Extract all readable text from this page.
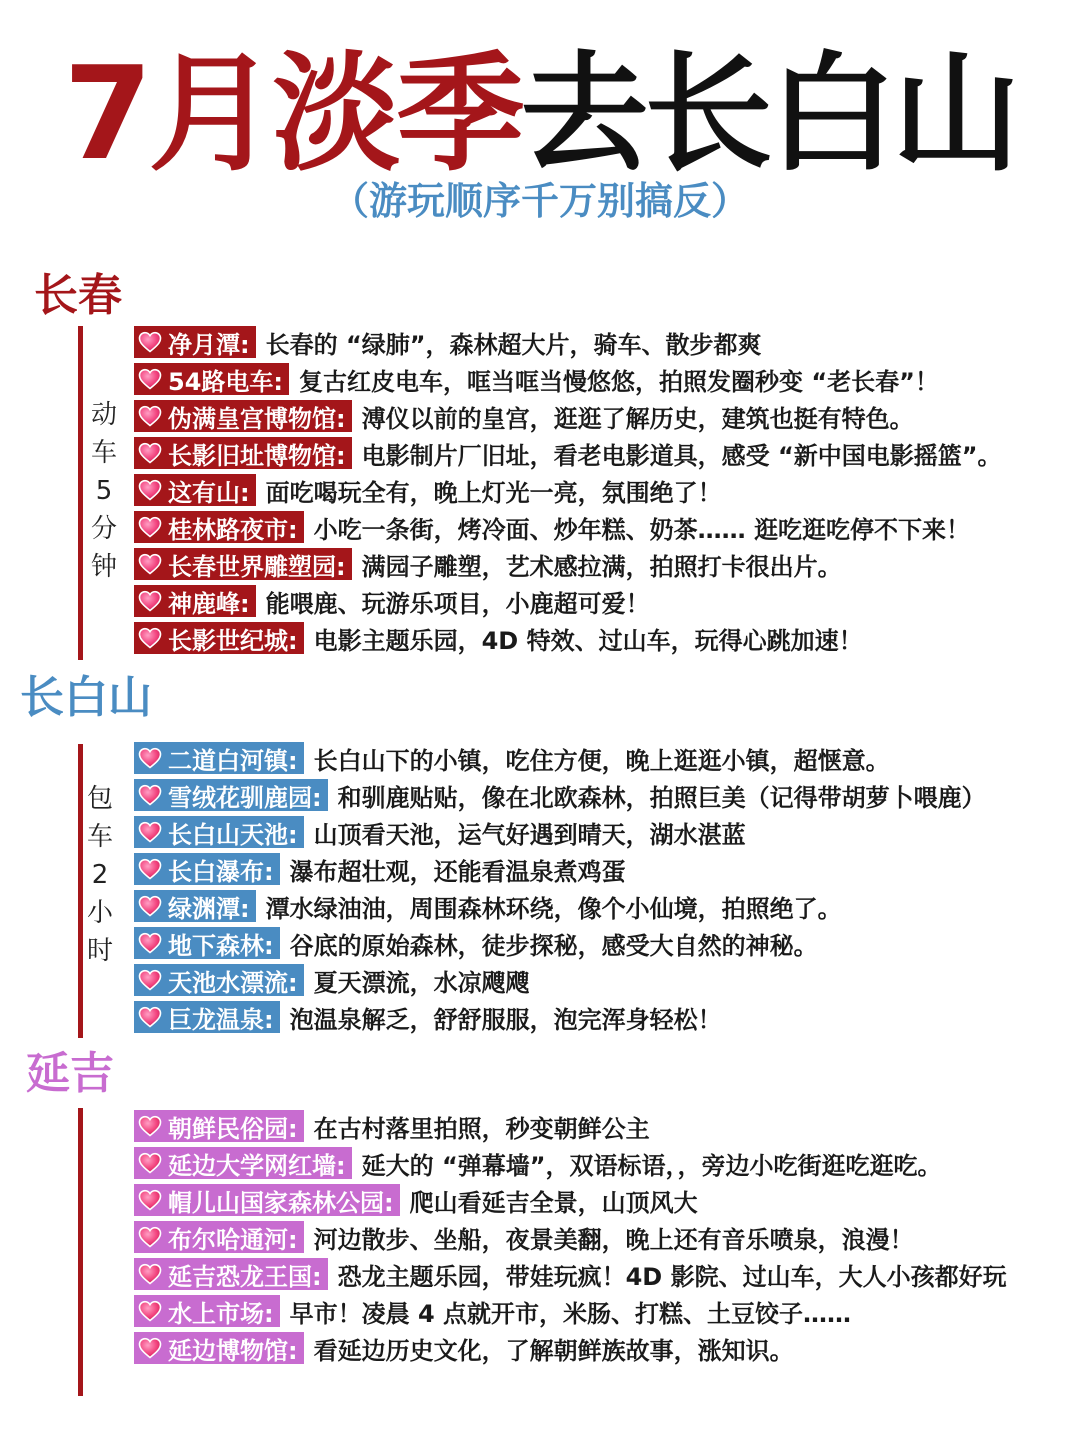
7月淡季去长白山
（游玩顺序千万别搞反）
长春
动
车
5
分
钟
净月潭: 长春的 “绿肺”，森林超大片，骑车、散步都爽
54路电车: 复古红皮电车，哐当哐当慢悠悠，拍照发圈秒变 “老长春”！
伪满皇宫博物馆: 溥仪以前的皇宫，逛逛了解历史，建筑也挺有特色。
长影旧址博物馆: 电影制片厂旧址，看老电影道具，感受 “新中国电影摇篮”。
这有山: 面吃喝玩全有，晚上灯光一亮，氛围绝了！
桂林路夜市: 小吃一条街，烤冷面、炒年糕、奶茶…… 逛吃逛吃停不下来！
长春世界雕塑园: 满园子雕塑，艺术感拉满，拍照打卡很出片。
神鹿峰: 能喂鹿、玩游乐项目，小鹿超可爱！
长影世纪城: 电影主题乐园，4D 特效、过山车，玩得心跳加速！
长白山
包
车
2
小
时
二道白河镇: 长白山下的小镇，吃住方便，晚上逛逛小镇，超惬意。
雪绒花驯鹿园: 和驯鹿贴贴，像在北欧森林，拍照巨美（记得带胡萝卜喂鹿）
长白山天池: 山顶看天池，运气好遇到晴天，湖水湛蓝
长白瀑布: 瀑布超壮观，还能看温泉煮鸡蛋
绿渊潭: 潭水绿油油，周围森林环绕，像个小仙境，拍照绝了。
地下森林: 谷底的原始森林，徒步探秘，感受大自然的神秘。
天池水漂流: 夏天漂流，水凉飕飕
巨龙温泉: 泡温泉解乏，舒舒服服，泡完浑身轻松！
延吉
朝鲜民俗园: 在古村落里拍照，秒变朝鲜公主
延边大学网红墙: 延大的 “弹幕墙”，双语标语，，旁边小吃街逛吃逛吃。
帽儿山国家森林公园: 爬山看延吉全景，山顶风大
布尔哈通河: 河边散步、坐船，夜景美翻，晚上还有音乐喷泉，浪漫！
延吉恐龙王国: 恐龙主题乐园，带娃玩疯！4D 影院、过山车，大人小孩都好玩
水上市场: 早市！凌晨 4 点就开市，米肠、打糕、土豆饺子……
延边博物馆: 看延边历史文化，了解朝鲜族故事，涨知识。
